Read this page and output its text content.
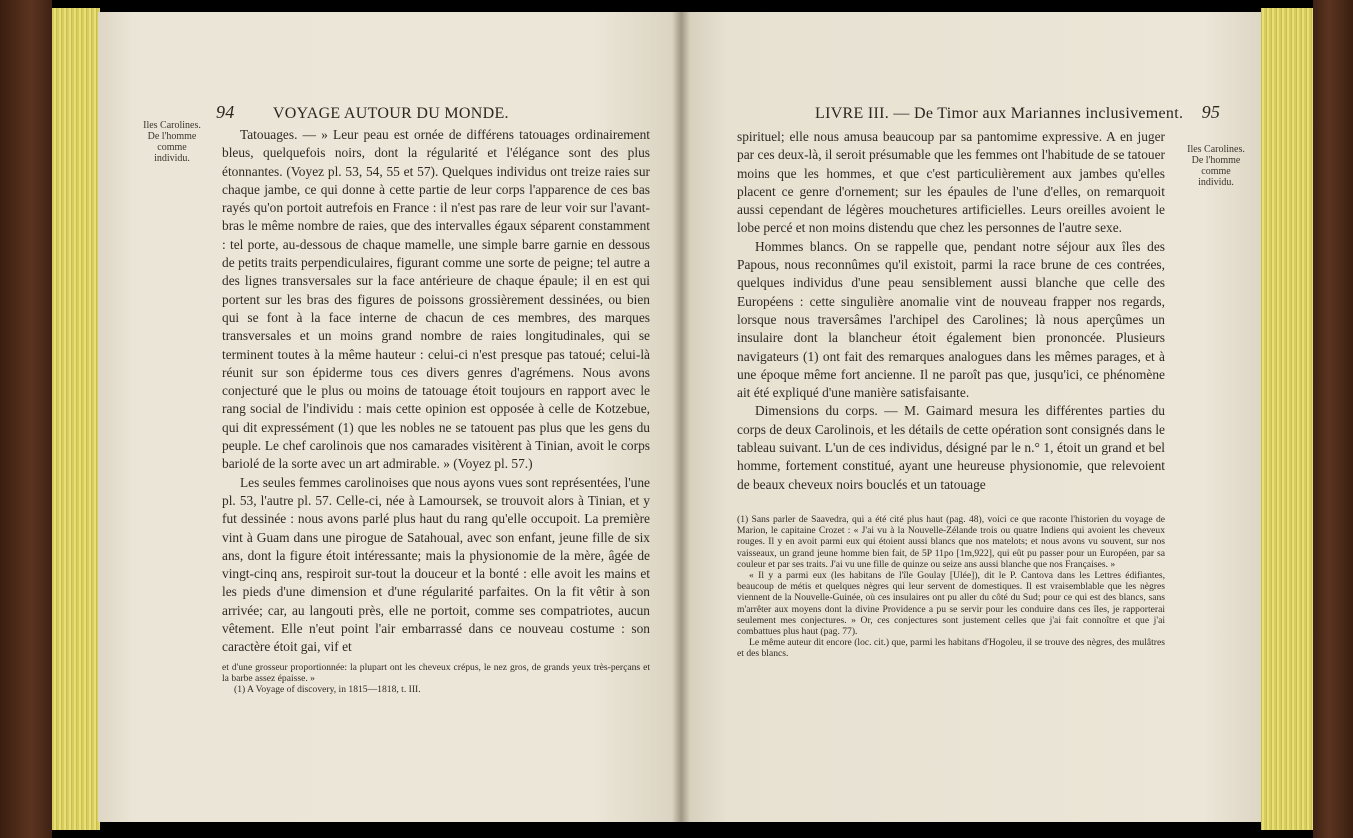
94 VOYAGE AUTOUR DU MONDE.
Iles Carolines.
De l'homme
comme
individu.

Tatouages. — » Leur peau est ornée de différens tatouages ordinairement bleus, quelquefois noirs, dont la régularité et l'élégance sont des plus étonnantes. (Voyez pl. 53, 54, 55 et 57). Quelques individus ont treize raies sur chaque jambe, ce qui donne à cette partie de leur corps l'apparence de ces bas rayés qu'on portoit autrefois en France : il n'est pas rare de leur voir sur l'avant-bras le même nombre de raies, que des intervalles égaux séparent constamment : tel porte, au-dessous de chaque mamelle, une simple barre garnie en dessous de petits traits perpendiculaires, figurant comme une sorte de peigne; tel autre a des lignes transversales sur la face antérieure de chaque épaule; il en est qui portent sur les bras des figures de poissons grossièrement dessinées, ou bien qui se font à la face interne de chacun de ces membres, des marques transversales et un moins grand nombre de raies longitudinales, qui se terminent toutes à la même hauteur : celui-ci n'est presque pas tatoué; celui-là réunit sur son épiderme tous ces divers genres d'agrémens. Nous avons conjecturé que le plus ou moins de tatouage étoit toujours en rapport avec le rang social de l'individu : mais cette opinion est opposée à celle de Kotzebue, qui dit expressément (1) que les nobles ne se tatouent pas plus que les gens du peuple. Le chef carolinois que nos camarades visitèrent à Tinian, avoit le corps bariolé de la sorte avec un art admirable. » (Voyez pl. 57.)

Les seules femmes carolinoises que nous ayons vues sont représentées, l'une pl. 53, l'autre pl. 57. Celle-ci, née à Lamoursek, se trouvoit alors à Tinian, et y fut dessinée : nous avons parlé plus haut du rang qu'elle occupoit. La première vint à Guam dans une pirogue de Satahoual, avec son enfant, jeune fille de six ans, dont la figure étoit intéressante; mais la physionomie de la mère, âgée de vingt-cinq ans, respiroit sur-tout la douceur et la bonté : elle avoit les mains et les pieds d'une dimension et d'une régularité parfaites. On la fit vêtir à son arrivée; car, au langouti près, elle ne portoit, comme ses compatriotes, aucun vêtement. Elle n'eut point l'air embarrassé dans ce nouveau costume : son caractère étoit gai, vif et

et d'une grosseur proportionnée: la plupart ont les cheveux crépus, le nez gros, de grands yeux très-perçans et la barbe assez épaisse. »

(1) A Voyage of discovery, in 1815—1818, t. III.

LIVRE III. — De Timor aux Mariannes inclusivement. 95
Iles Carolines.
De l'homme
comme
individu.

spirituel; elle nous amusa beaucoup par sa pantomime expressive. A en juger par ces deux-là, il seroit présumable que les femmes ont l'habitude de se tatouer moins que les hommes, et que c'est particulièrement aux jambes qu'elles placent ce genre d'ornement; sur les épaules de l'une d'elles, on remarquoit aussi cependant de légères mouchetures artificielles. Leurs oreilles avoient le lobe percé et non moins distendu que chez les personnes de l'autre sexe.

Hommes blancs. On se rappelle que, pendant notre séjour aux îles des Papous, nous reconnûmes qu'il existoit, parmi la race brune de ces contrées, quelques individus d'une peau sensiblement aussi blanche que celle des Européens : cette singulière anomalie vint de nouveau frapper nos regards, lorsque nous traversâmes l'archipel des Carolines; là nous aperçûmes un insulaire dont la blancheur étoit également bien prononcée. Plusieurs navigateurs (1) ont fait des remarques analogues dans les mêmes parages, et à une époque même fort ancienne. Il ne paroît pas que, jusqu'ici, ce phénomène ait été expliqué d'une manière satisfaisante.

Dimensions du corps. — M. Gaimard mesura les différentes parties du corps de deux Carolinois, et les détails de cette opération sont consignés dans le tableau suivant. L'un de ces individus, désigné par le n.° 1, étoit un grand et bel homme, fortement constitué, ayant une heureuse physionomie, que relevoient de beaux cheveux noirs bouclés et un tatouage

(1) Sans parler de Saavedra, qui a été cité plus haut (pag. 48), voici ce que raconte l'historien du voyage de Marion, le capitaine Crozet : « J'ai vu à la Nouvelle-Zélande trois ou quatre Indiens qui avoient les cheveux rouges. Il y en avoit parmi eux qui étoient aussi blancs que nos matelots; et nous avons vu souvent, sur nos vaisseaux, un grand jeune homme bien fait, de 5P 11po [1m,922], qui eût pu passer pour un Européen, par sa couleur et par ses traits. J'ai vu une fille de quinze ou seize ans aussi blanche que nos Françaises. »

« Il y a parmi eux (les habitans de l'île Goulay [Ulée]), dit le P. Cantova dans les Lettres édifiantes, beaucoup de métis et quelques nègres qui leur servent de domestiques. Il est vraisemblable que les nègres viennent de la Nouvelle-Guinée, où ces insulaires ont pu aller du côté du Sud; pour ce qui est des blancs, sans m'arrêter aux moyens dont la divine Providence a pu se servir pour les conduire dans ces îles, je rapporterai seulement mes conjectures. » Or, ces conjectures sont justement celles que j'ai fait connoître et que j'ai combattues plus haut (pag. 77).

Le même auteur dit encore (loc. cit.) que, parmi les habitans d'Hogoleu, il se trouve des nègres, des mulâtres et des blancs.
